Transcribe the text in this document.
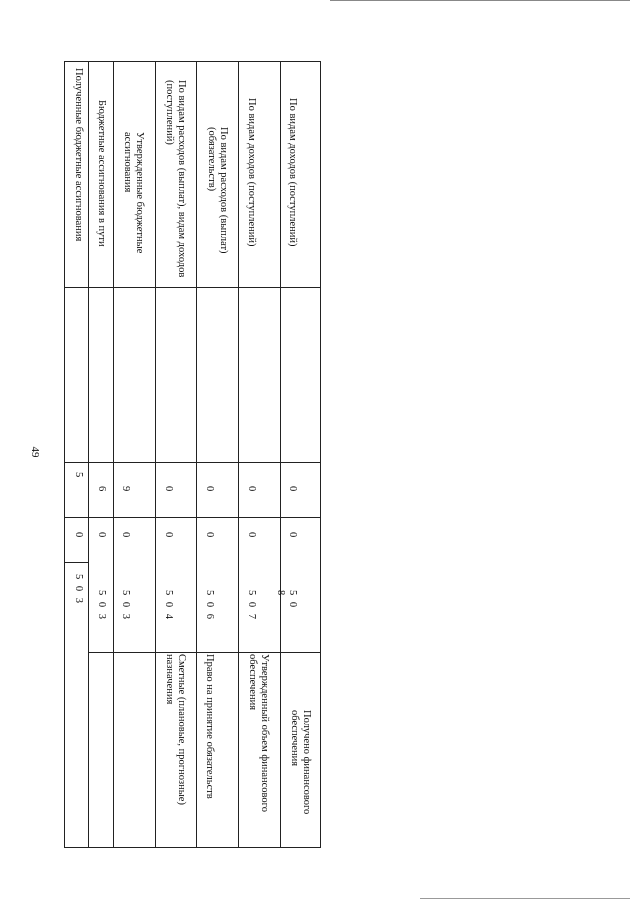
49
Полученные бюджетные ассигнования
5
0
5 0 3
Бюджетные ассигнования в пути
6
0
5 0 3
Утвержденные бюджетные ассигнования
9
0
5 0 3
По видам расходов (выплат), видам доходов (поступлений)
0
0
5 0 4
Сметные (плановые, прогнозные) назначения
По видам расходов (выплат) (обязательств)
0
0
5 0 6
Право на принятие обязательств
По видам доходов (поступлений)
0
0
5 0 7
Утвержденный объем финансового обеспечения
По видам доходов (поступлений)
0
0
5 0 8
Получено финансового обеспечения
